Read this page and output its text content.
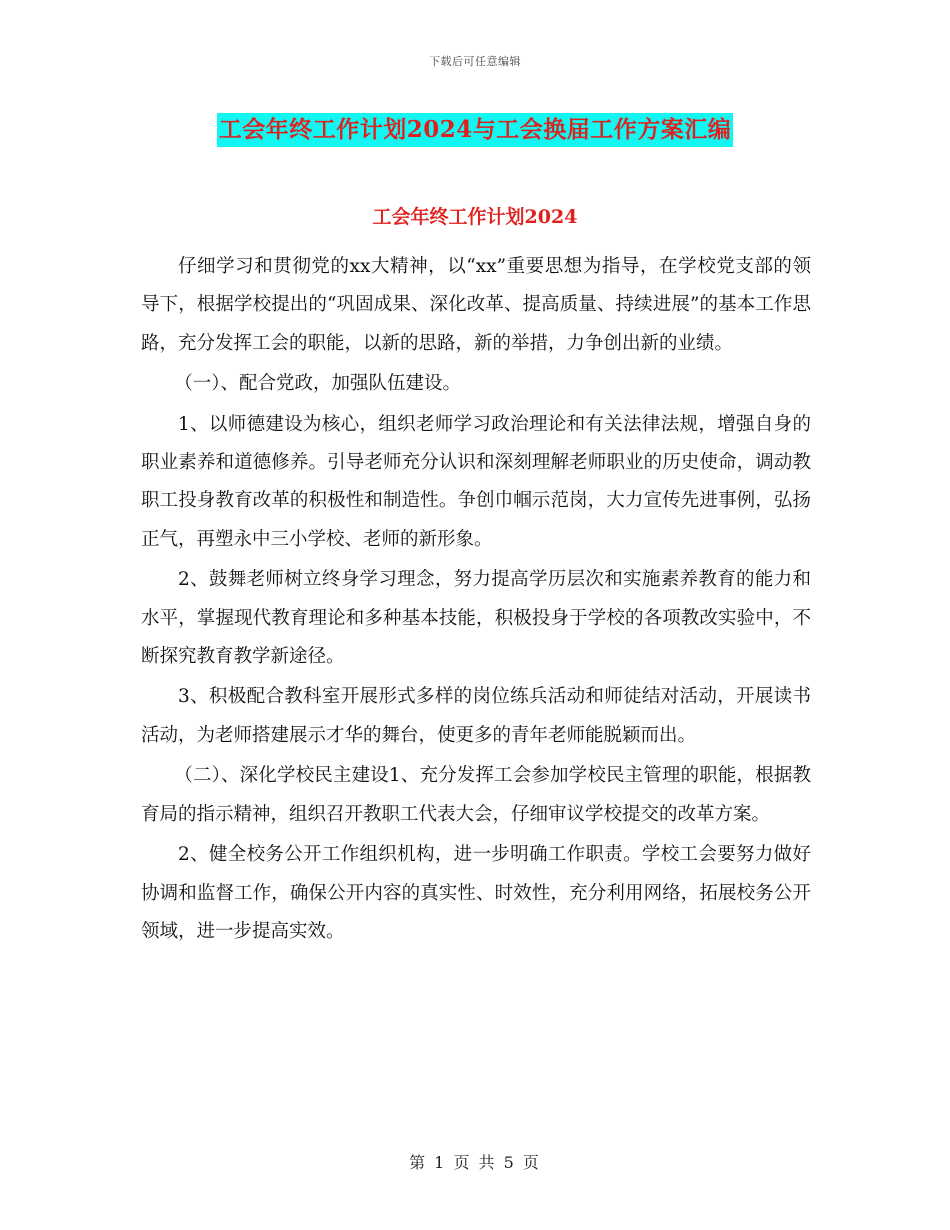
下载后可任意编辑
工会年终工作计划2024与工会换届工作方案汇编
工会年终工作计划2024

仔细学习和贯彻党的xx大精神，以“xx”重要思想为指导，在学校党支部的领导下，根据学校提出的“巩固成果、深化改革、提高质量、持续进展”的基本工作思路，充分发挥工会的职能，以新的思路，新的举措，力争创出新的业绩。

（一）、配合党政，加强队伍建设。

1、以师德建设为核心，组织老师学习政治理论和有关法律法规，增强自身的职业素养和道德修养。引导老师充分认识和深刻理解老师职业的历史使命，调动教职工投身教育改革的积极性和制造性。争创巾帼示范岗，大力宣传先进事例，弘扬正气，再塑永中三小学校、老师的新形象。

2、鼓舞老师树立终身学习理念，努力提高学历层次和实施素养教育的能力和水平，掌握现代教育理论和多种基本技能，积极投身于学校的各项教改实验中，不断探究教育教学新途径。

3、积极配合教科室开展形式多样的岗位练兵活动和师徒结对活动，开展读书活动，为老师搭建展示才华的舞台，使更多的青年老师能脱颖而出。

（二）、深化学校民主建设1、充分发挥工会参加学校民主管理的职能，根据教育局的指示精神，组织召开教职工代表大会，仔细审议学校提交的改革方案。

2、健全校务公开工作组织机构，进一步明确工作职责。学校工会要努力做好协调和监督工作，确保公开内容的真实性、时效性，充分利用网络，拓展校务公开领域，进一步提高实效。

第 1 页 共 5 页
